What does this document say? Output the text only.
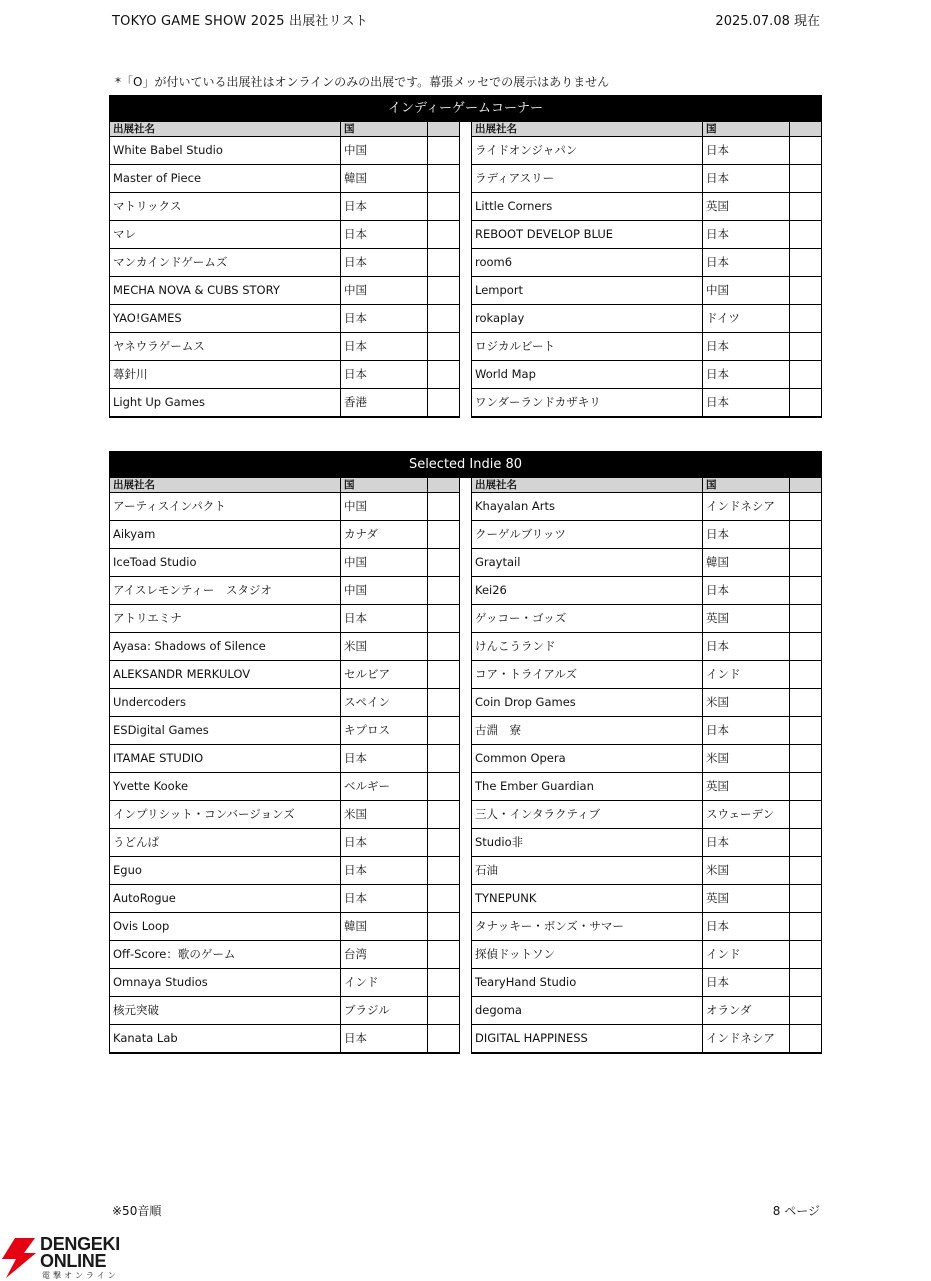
TOKYO GAME SHOW 2025 出展社リスト	2025.07.08 現在
*「O」が付いている出展社はオンラインのみの出展です。幕張メッセでの展示はありません
インディーゲームコーナー
出展社名	国	
White Babel Studio	中国	
Master of Piece	韓国	
マトリックス	日本	
マレ	日本	
マンカインドゲームズ	日本	
MECHA NOVA & CUBS STORY	中国	
YAO!GAMES	日本	
ヤネウラゲームス	日本	
蕁針川	日本	
Light Up Games	香港	
出展社名	国	
ライドオンジャパン	日本	
ラディアスリー	日本	
Little Corners	英国	
REBOOT DEVELOP BLUE	日本	
room6	日本	
Lemport	中国	
rokaplay	ドイツ	
ロジカルビート	日本	
World Map	日本	
ワンダーランドカザキリ	日本	
Selected Indie 80
出展社名	国	
アーティスインパクト	中国	
Aikyam	カナダ	
IceToad Studio	中国	
アイスレモンティー　スタジオ	中国	
アトリエミナ	日本	
Ayasa: Shadows of Silence	米国	
ALEKSANDR MERKULOV	セルビア	
Undercoders	スペイン	
ESDigital Games	キプロス	
ITAMAE STUDIO	日本	
Yvette Kooke	ベルギー	
インプリシット・コンバージョンズ	米国	
うどんぱ	日本	
Eguo	日本	
AutoRogue	日本	
Ovis Loop	韓国	
Off-Score：歌のゲーム	台湾	
Omnaya Studios	インド	
核元突破	ブラジル	
Kanata Lab	日本	
出展社名	国	
Khayalan Arts	インドネシア	
クーゲルブリッツ	日本	
Graytail	韓国	
Kei26	日本	
ゲッコー・ゴッズ	英国	
けんこうランド	日本	
コア・トライアルズ	インド	
Coin Drop Games	米国	
古淵　寮	日本	
Common Opera	米国	
The Ember Guardian	英国	
三人・インタラクティブ	スウェーデン	
Studio非	日本	
石油	米国	
TYNEPUNK	英国	
タナッキー・ボンズ・サマー	日本	
探偵ドットソン	インド	
TearyHand Studio	日本	
degoma	オランダ	
DIGITAL HAPPINESS	インドネシア	
※50音順	8 ページ
DENGEKI
ONLINE
電撃オンライン
